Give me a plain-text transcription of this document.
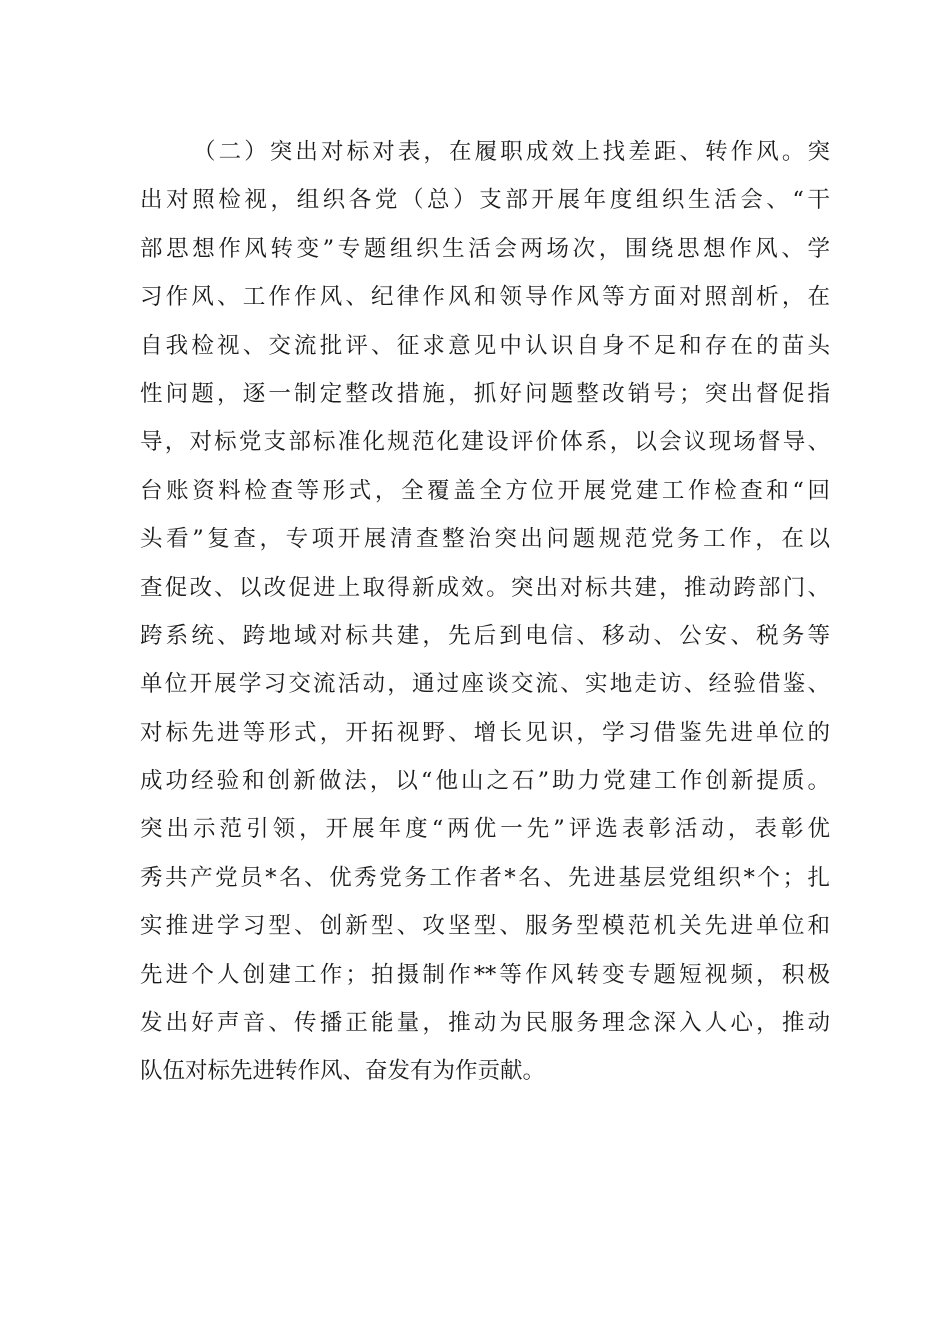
（二）突出对标对表，在履职成效上找差距、转作风。突
出对照检视，组织各党（总）支部开展年度组织生活会、“干
部思想作风转变”专题组织生活会两场次，围绕思想作风、学
习作风、工作作风、纪律作风和领导作风等方面对照剖析，在
自我检视、交流批评、征求意见中认识自身不足和存在的苗头
性问题，逐一制定整改措施，抓好问题整改销号；突出督促指
导，对标党支部标准化规范化建设评价体系，以会议现场督导、
台账资料检查等形式，全覆盖全方位开展党建工作检查和“回
头看”复查，专项开展清查整治突出问题规范党务工作，在以
查促改、以改促进上取得新成效。突出对标共建，推动跨部门、
跨系统、跨地域对标共建，先后到电信、移动、公安、税务等
单位开展学习交流活动，通过座谈交流、实地走访、经验借鉴、
对标先进等形式，开拓视野、增长见识，学习借鉴先进单位的
成功经验和创新做法，以“他山之石”助力党建工作创新提质。
突出示范引领，开展年度“两优一先”评选表彰活动，表彰优
秀共产党员*名、优秀党务工作者*名、先进基层党组织*个；扎
实推进学习型、创新型、攻坚型、服务型模范机关先进单位和
先进个人创建工作；拍摄制作**等作风转变专题短视频，积极
发出好声音、传播正能量，推动为民服务理念深入人心，推动
队伍对标先进转作风、奋发有为作贡献。
